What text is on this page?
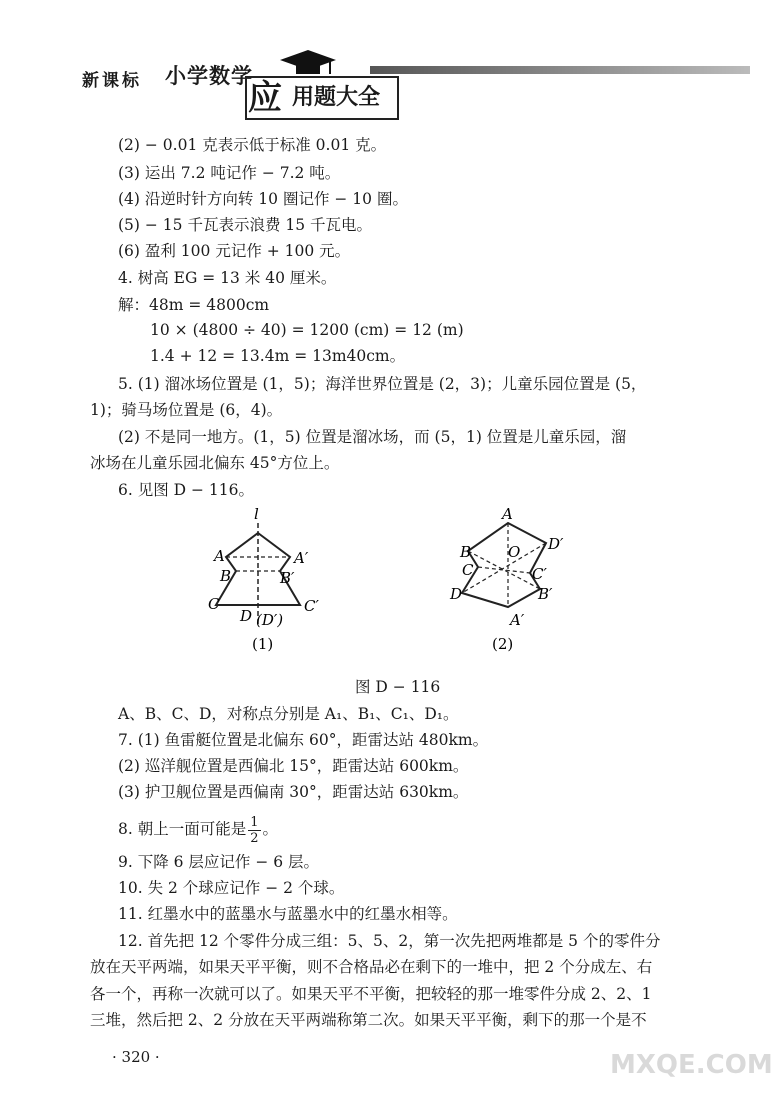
新课标 小学数学
应 用题大全
(2) − 0.01 克表示低于标准 0.01 克。
(3) 运出 7.2 吨记作 − 7.2 吨。
(4) 沿逆时针方向转 10 圈记作 − 10 圈。
(5) − 15 千瓦表示浪费 15 千瓦电。
(6) 盈利 100 元记作 + 100 元。
4. 树高 EG = 13 米 40 厘米。
解：48m = 4800cm
10 × (4800 ÷ 40) = 1200 (cm) = 12 (m)
1.4 + 12 = 13.4m = 13m40cm。
5. (1) 溜冰场位置是 (1，5)；海洋世界位置是 (2，3)；儿童乐园位置是 (5，
1)；骑马场位置是 (6，4)。
(2) 不是同一地方。(1，5) 位置是溜冰场，而 (5，1) 位置是儿童乐园，溜
冰场在儿童乐园北偏东 45°方位上。
6. 见图 D − 116。
l
A	A′
B	B′
C	C′
D (D′)
(1)
A
A′
B
B′
C	C′
D
D′
O
(2)
图 D − 116
A、B、C、D，对称点分别是 A₁、B₁、C₁、D₁。
7. (1) 鱼雷艇位置是北偏东 60°，距雷达站 480km。
(2) 巡洋舰位置是西偏北 15°，距雷达站 600km。
(3) 护卫舰位置是西偏南 30°，距雷达站 630km。
8. 朝上一面可能是 $\frac{1}{2}$ 。
9. 下降 6 层应记作 − 6 层。
10. 失 2 个球应记作 − 2 个球。
11. 红墨水中的蓝墨水与蓝墨水中的红墨水相等。
12. 首先把 12 个零件分成三组：5、5、2，第一次先把两堆都是 5 个的零件分
放在天平两端，如果天平平衡，则不合格品必在剩下的一堆中，把 2 个分成左、右
各一个，再称一次就可以了。如果天平不平衡，把较轻的那一堆零件分成 2、2、1
三堆，然后把 2、2 分放在天平两端称第二次。如果天平平衡，剩下的那一个是不
· 320 ·	MXQE.COM
